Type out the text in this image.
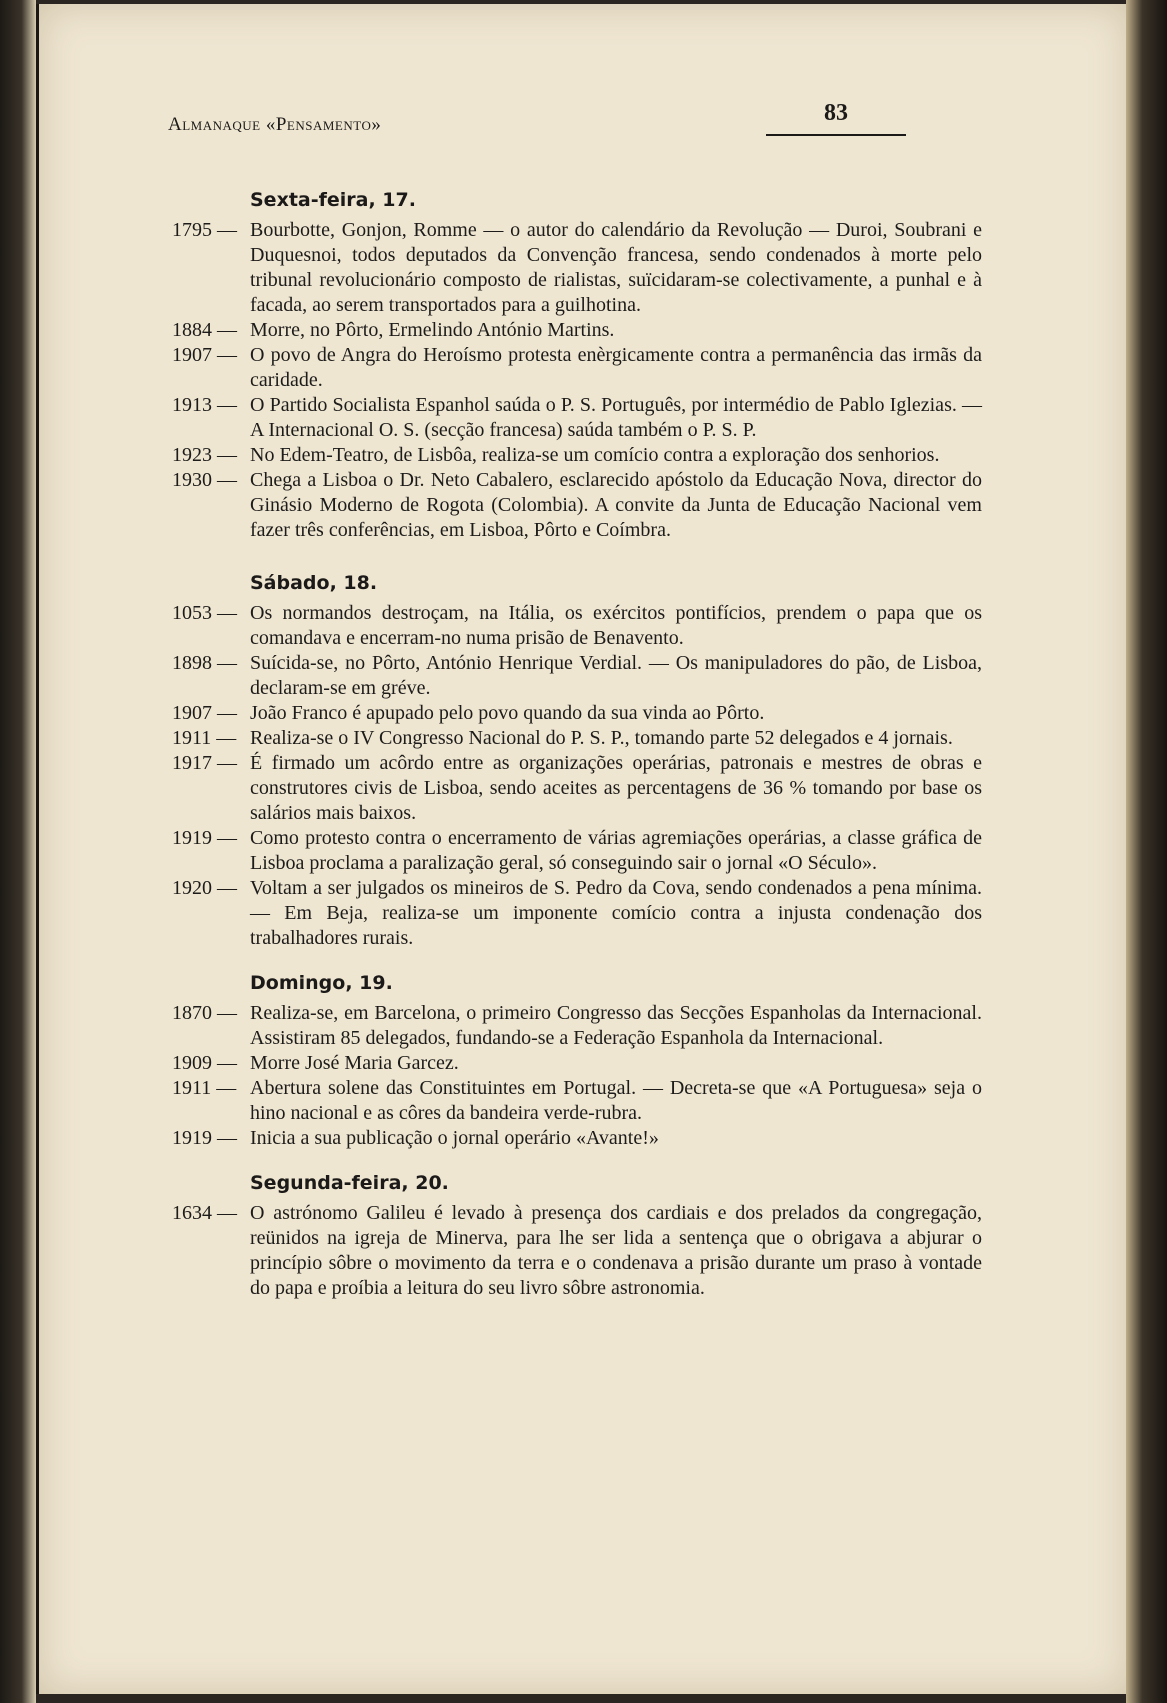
Almanaque «Pensamento»	83
Sexta-feira, 17.

1795 —	Bourbotte, Gonjon, Romme — o autor do calendário da Revolução — Duroi, Soubrani e Duquesnoi, todos deputados da Convenção francesa, sendo condenados à morte pelo tribunal revolucionário composto de rialistas, suïcidaram-se colectivamente, a punhal e à facada, ao serem transportados para a guilhotina.

1884 —	Morre, no Pôrto, Ermelindo António Martins.

1907 —	O povo de Angra do Heroísmo protesta enèrgicamente contra a permanência das irmãs da caridade.

1913 —	O Partido Socialista Espanhol saúda o P. S. Português, por intermédio de Pablo Iglezias. — A Internacional O. S. (secção francesa) saúda também o P. S. P.

1923 —	No Edem-Teatro, de Lisbôa, realiza-se um comício contra a exploração dos senhorios.

1930 —	Chega a Lisboa o Dr. Neto Cabalero, esclarecido apóstolo da Educação Nova, director do Ginásio Moderno de Rogota (Colombia). A convite da Junta de Educação Nacional vem fazer três conferências, em Lisboa, Pôrto e Coímbra.

Sábado, 18.

1053 —	Os normandos destroçam, na Itália, os exércitos pontifícios, prendem o papa que os comandava e encerram-no numa prisão de Benavento.

1898 —	Suícida-se, no Pôrto, António Henrique Verdial. — Os manipuladores do pão, de Lisboa, declaram-se em gréve.

1907 —	João Franco é apupado pelo povo quando da sua vinda ao Pôrto.

1911 —	Realiza-se o IV Congresso Nacional do P. S. P., tomando parte 52 delegados e 4 jornais.

1917 —	É firmado um acôrdo entre as organizações operárias, patronais e mestres de obras e construtores civis de Lisboa, sendo aceites as percentagens de 36 % tomando por base os salários mais baixos.

1919 —	Como protesto contra o encerramento de várias agremiações operárias, a classe gráfica de Lisboa proclama a paralização geral, só conseguindo sair o jornal «O Século».

1920 —	Voltam a ser julgados os mineiros de S. Pedro da Cova, sendo condenados a pena mínima. — Em Beja, realiza-se um imponente comício contra a injusta condenação dos trabalhadores rurais.

Domingo, 19.

1870 —	Realiza-se, em Barcelona, o primeiro Congresso das Secções Espanholas da Internacional. Assistiram 85 delegados, fundando-se a Federação Espanhola da Internacional.

1909 —	Morre José Maria Garcez.

1911 —	Abertura solene das Constituintes em Portugal. — Decreta-se que «A Portuguesa» seja o hino nacional e as côres da bandeira verde-rubra.

1919 —	Inicia a sua publicação o jornal operário «Avante!»

Segunda-feira, 20.

1634 —	O astrónomo Galileu é levado à presença dos cardiais e dos prelados da congregação, reünidos na igreja de Minerva, para lhe ser lida a sentença que o obrigava a abjurar o princípio sôbre o movimento da terra e o condenava a prisão durante um praso à vontade do papa e proíbia a leitura do seu livro sôbre astronomia.
